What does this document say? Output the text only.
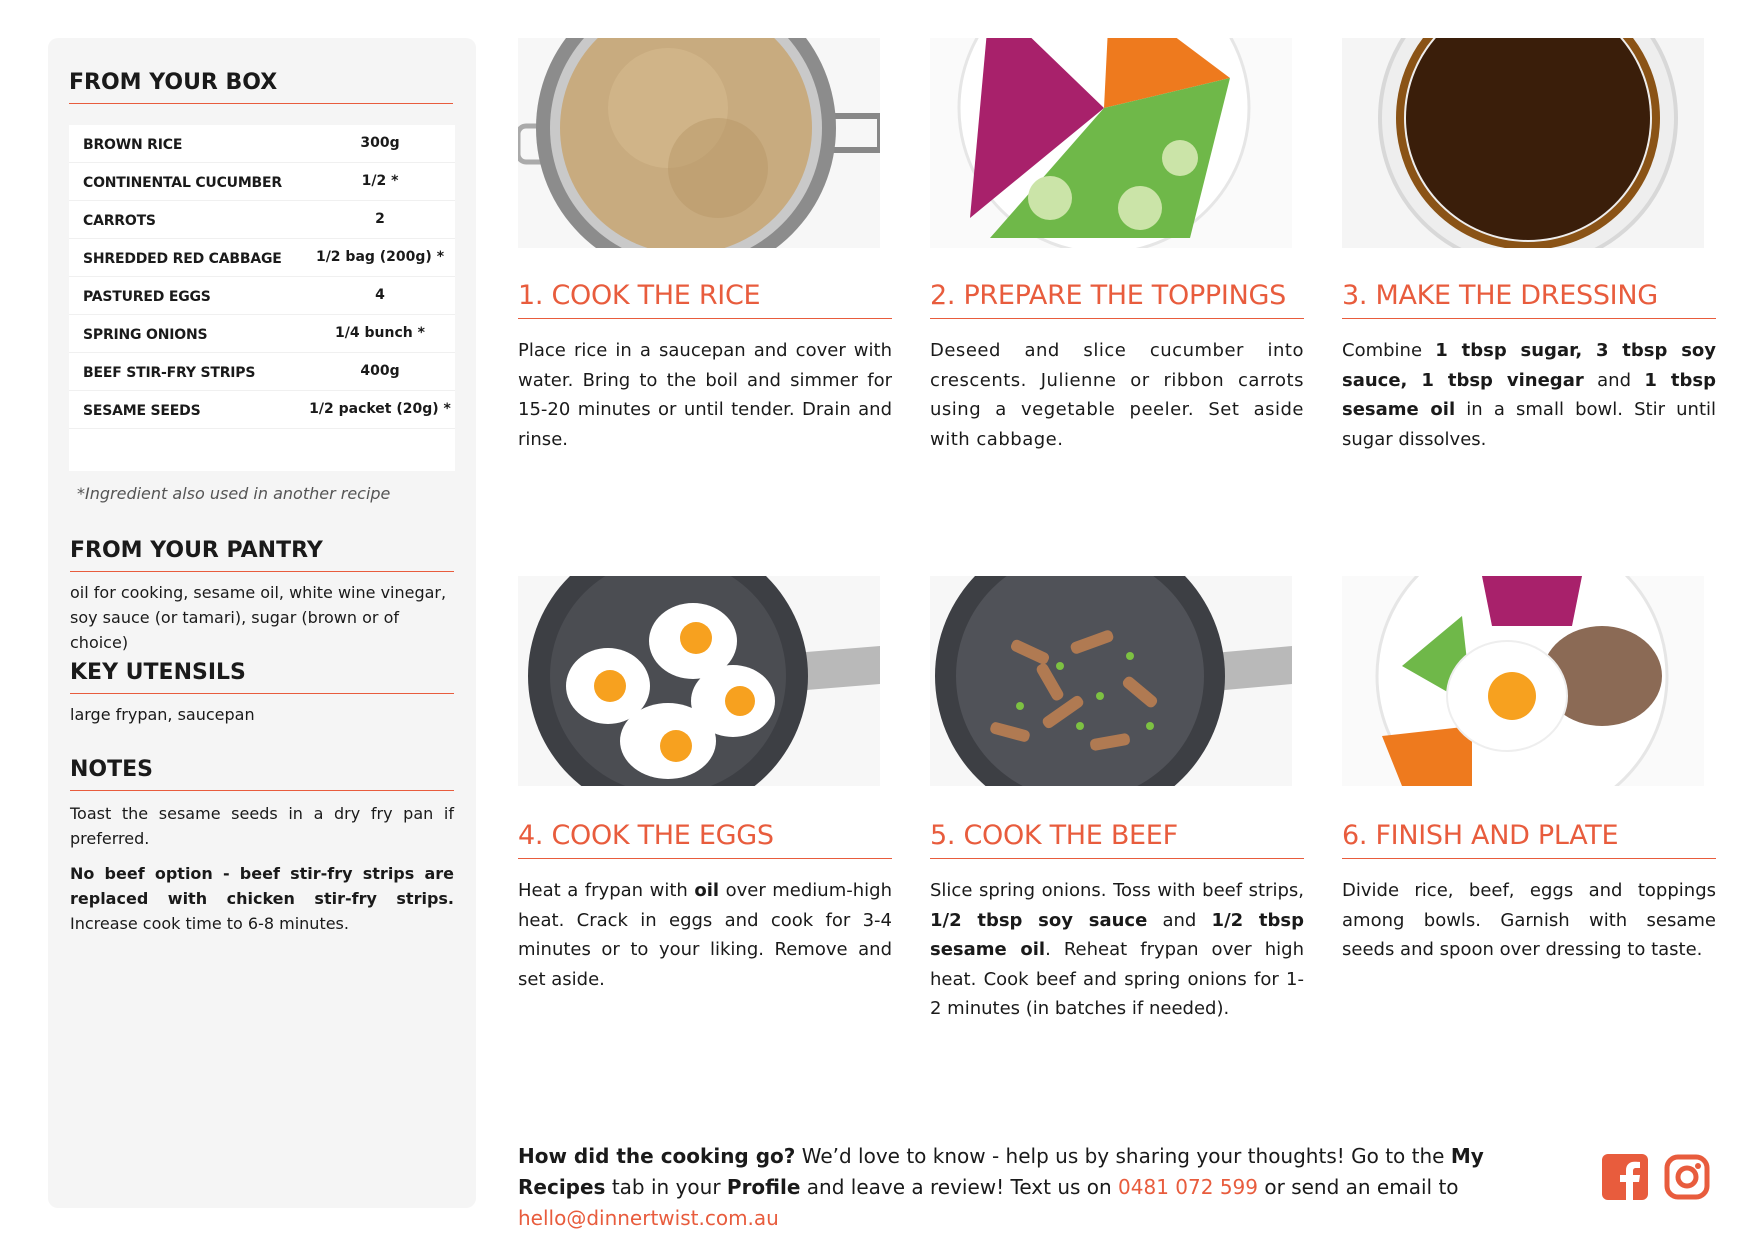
FROM YOUR BOX
BROWN RICE	300g
CONTINENTAL CUCUMBER	1/2 *
CARROTS	2
SHREDDED RED CABBAGE	1/2 bag (200g) *
PASTURED EGGS	4
SPRING ONIONS	1/4 bunch *
BEEF STIR-FRY STRIPS	400g
SESAME SEEDS	1/2 packet (20g) *
*Ingredient also used in another recipe
FROM YOUR PANTRY
oil for cooking, sesame oil, white wine vinegar, soy sauce (or tamari), sugar (brown or of choice)
KEY UTENSILS
large frypan, saucepan
NOTES
Toast the sesame seeds in a dry fry pan if preferred.
No beef option - beef stir-fry strips are replaced with chicken stir-fry strips. Increase cook time to 6-8 minutes.
1. COOK THE RICE
Place rice in a saucepan and cover with water. Bring to the boil and simmer for 15-20 minutes or until tender. Drain and rinse.
2. PREPARE THE TOPPINGS
Deseed and slice cucumber into crescents. Julienne or ribbon carrots using a vegetable peeler. Set aside with cabbage.
3. MAKE THE DRESSING
Combine 1 tbsp sugar, 3 tbsp soy sauce, 1 tbsp vinegar and 1 tbsp sesame oil in a small bowl. Stir until sugar dissolves.
4. COOK THE EGGS
Heat a frypan with oil over medium-high heat. Crack in eggs and cook for 3-4 minutes or to your liking. Remove and set aside.
5. COOK THE BEEF
Slice spring onions. Toss with beef strips, 1/2 tbsp soy sauce and 1/2 tbsp sesame oil. Reheat frypan over high heat. Cook beef and spring onions for 1-2 minutes (in batches if needed).
6. FINISH AND PLATE
Divide rice, beef, eggs and toppings among bowls. Garnish with sesame seeds and spoon over dressing to taste.
How did the cooking go? We’d love to know - help us by sharing your thoughts! Go to the My Recipes tab in your Profile and leave a review! Text us on 0481 072 599 or send an email to hello@dinnertwist.com.au
